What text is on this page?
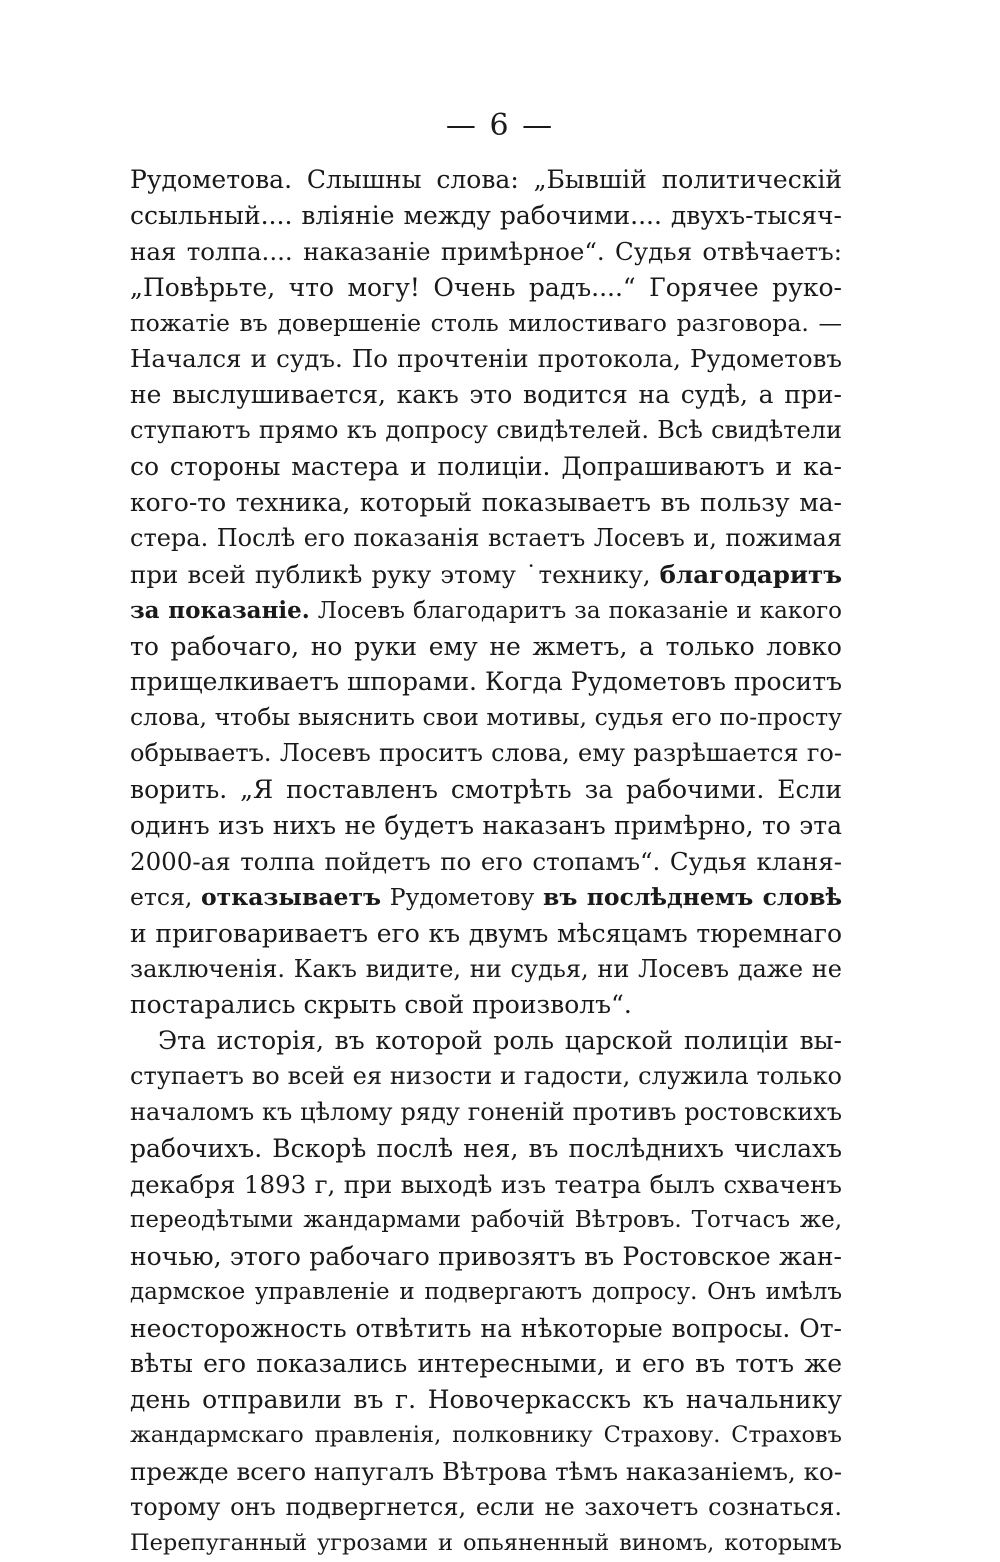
— 6 —
Рудометова. Слышны слова: „Бывшій политическій
ссыльный.... вліяніе между рабочими.... двухъ-тысяч-
ная толпа.... наказаніе примѣрное“. Судья отвѣчаетъ:
„Повѣрьте, что могу! Очень радъ....“ Горячее руко-
пожатіе въ довершеніе столь милостиваго разговора. —
Начался и судъ. По прочтеніи протокола, Рудометовъ
не выслушивается, какъ это водится на судѣ, а при-
ступаютъ прямо къ допросу свидѣтелей. Всѣ свидѣтели
со стороны мастера и полиціи. Допрашиваютъ и ка-
кого-то техника, который показываетъ въ пользу ма-
стера. Послѣ его показанія встаетъ Лосевъ и, пожимая
при всей публикѣ руку этому ˙технику, благодаритъ
за показаніе. Лосевъ благодаритъ за показаніе и какого
то рабочаго, но руки ему не жметъ, а только ловко
прищелкиваетъ шпорами. Когда Рудометовъ проситъ
слова, чтобы выяснить свои мотивы, судья его по-просту
обрываетъ. Лосевъ проситъ слова, ему разрѣшается го-
ворить. „Я поставленъ смотрѣть за рабочими. Если
одинъ изъ нихъ не будетъ наказанъ примѣрно, то эта
2000-ая толпа пойдетъ по его стопамъ“. Судья кланя-
ется, отказываетъ Рудометову въ послѣднемъ словѣ
и приговариваетъ его къ двумъ мѣсяцамъ тюремнаго
заключенія. Какъ видите, ни судья, ни Лосевъ даже не
постарались скрыть свой произволъ“.
Эта исторія, въ которой роль царской полиціи вы-
ступаетъ во всей ея низости и гадости, служила только
началомъ къ цѣлому ряду гоненій противъ ростовскихъ
рабочихъ. Вскорѣ послѣ нея, въ послѣднихъ числахъ
декабря 1893 г, при выходѣ изъ театра былъ схваченъ
переодѣтыми жандармами рабочій Вѣтровъ. Тотчасъ же,
ночью, этого рабочаго привозятъ въ Ростовское жан-
дармское управленіе и подвергаютъ допросу. Онъ имѣлъ
неосторожность отвѣтить на нѣкоторые вопросы. От-
вѣты его показались интересными, и его въ тотъ же
день отправили въ г. Новочеркасскъ къ начальнику
жандармскаго правленія, полковнику Страхову. Страховъ
прежде всего напугалъ Вѣтрова тѣмъ наказаніемъ, ко-
торому онъ подвергнется, если не захочетъ сознаться.
Перепуганный угрозами и опьяненный виномъ, которымъ
